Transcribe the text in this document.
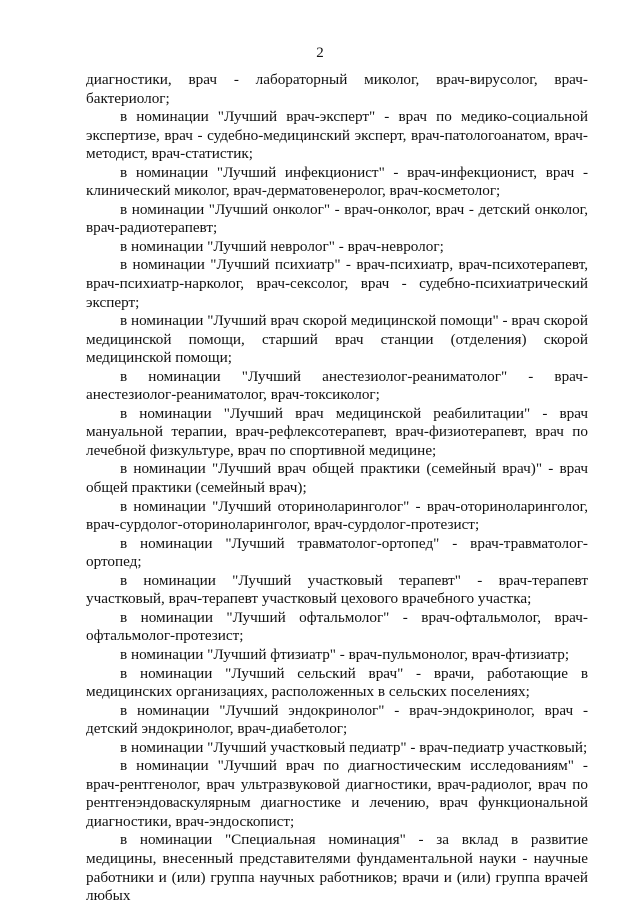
2

диагностики, врач - лабораторный миколог, врач-вирусолог, врач-бактериолог;

в номинации "Лучший врач-эксперт" - врач по медико-социальной экспертизе, врач - судебно-медицинский эксперт, врач-патологоанатом, врач-методист, врач-статистик;

в номинации "Лучший инфекционист" - врач-инфекционист, врач - клинический миколог, врач-дерматовенеролог, врач-косметолог;

в номинации "Лучший онколог" - врач-онколог, врач - детский онколог, врач-радиотерапевт;

в номинации "Лучший невролог" - врач-невролог;

в номинации "Лучший психиатр" - врач-психиатр, врач-психотерапевт, врач-психиатр-нарколог, врач-сексолог, врач - судебно-психиатрический эксперт;

в номинации "Лучший врач скорой медицинской помощи" - врач скорой медицинской помощи, старший врач станции (отделения) скорой медицинской помощи;

в номинации "Лучший анестезиолог-реаниматолог" - врач-анестезиолог-реаниматолог, врач-токсиколог;

в номинации "Лучший врач медицинской реабилитации" - врач мануальной терапии, врач-рефлексотерапевт, врач-физиотерапевт, врач по лечебной физкультуре, врач по спортивной медицине;

в номинации "Лучший врач общей практики (семейный врач)" - врач общей практики (семейный врач);

в номинации "Лучший оториноларинголог" - врач-оториноларинголог, врач-сурдолог-оториноларинголог, врач-сурдолог-протезист;

в номинации "Лучший травматолог-ортопед" - врач-травматолог-ортопед;

в номинации "Лучший участковый терапевт" - врач-терапевт участковый, врач-терапевт участковый цехового врачебного участка;

в номинации "Лучший офтальмолог" - врач-офтальмолог, врач-офтальмолог-протезист;

в номинации "Лучший фтизиатр" - врач-пульмонолог, врач-фтизиатр;

в номинации "Лучший сельский врач" - врачи, работающие в медицинских организациях, расположенных в сельских поселениях;

в номинации "Лучший эндокринолог" - врач-эндокринолог, врач - детский эндокринолог, врач-диабетолог;

в номинации "Лучший участковый педиатр" - врач-педиатр участковый;

в номинации "Лучший врач по диагностическим исследованиям" - врач-рентгенолог, врач ультразвуковой диагностики, врач-радиолог, врач по рентгенэндоваскулярным диагностике и лечению, врач функциональной диагностики, врач-эндоскопист;

в номинации "Специальная номинация" - за вклад в развитие медицины, внесенный представителями фундаментальной науки - научные работники и (или) группа научных работников; врачи и (или) группа врачей любых
